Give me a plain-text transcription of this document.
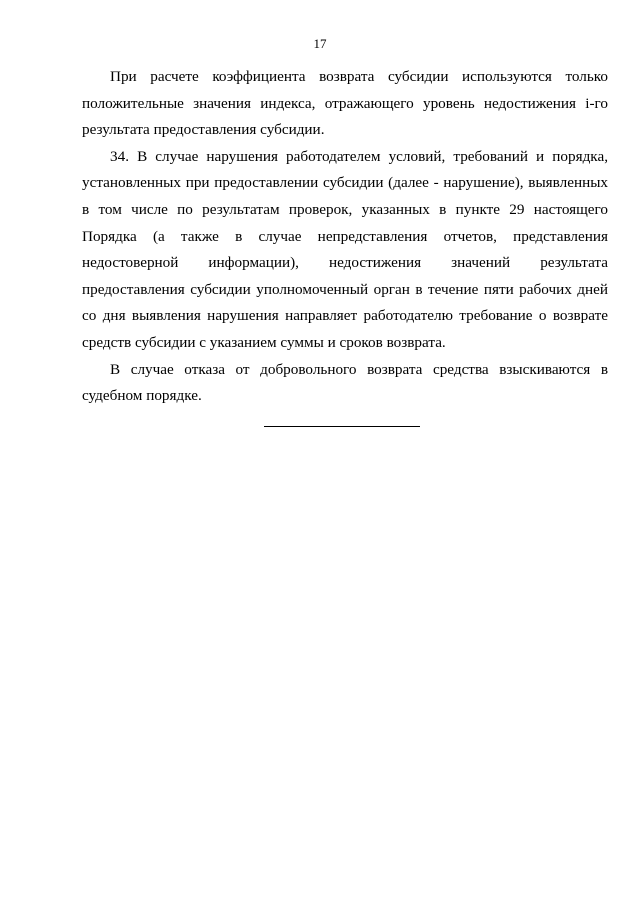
17

При расчете коэффициента возврата субсидии используются только положительные значения индекса, отражающего уровень недостижения i-го результата предоставления субсидии.

34. В случае нарушения работодателем условий, требований и порядка, установленных при предоставлении субсидии (далее - нарушение), выявленных в том числе по результатам проверок, указанных в пункте 29 настоящего Порядка (а также в случае непредставления отчетов, представления недостоверной информации), недостижения значений результата предоставления субсидии уполномоченный орган в течение пяти рабочих дней со дня выявления нарушения направляет работодателю требование о возврате средств субсидии с указанием суммы и сроков возврата.

В случае отказа от добровольного возврата средства взыскиваются в судебном порядке.
